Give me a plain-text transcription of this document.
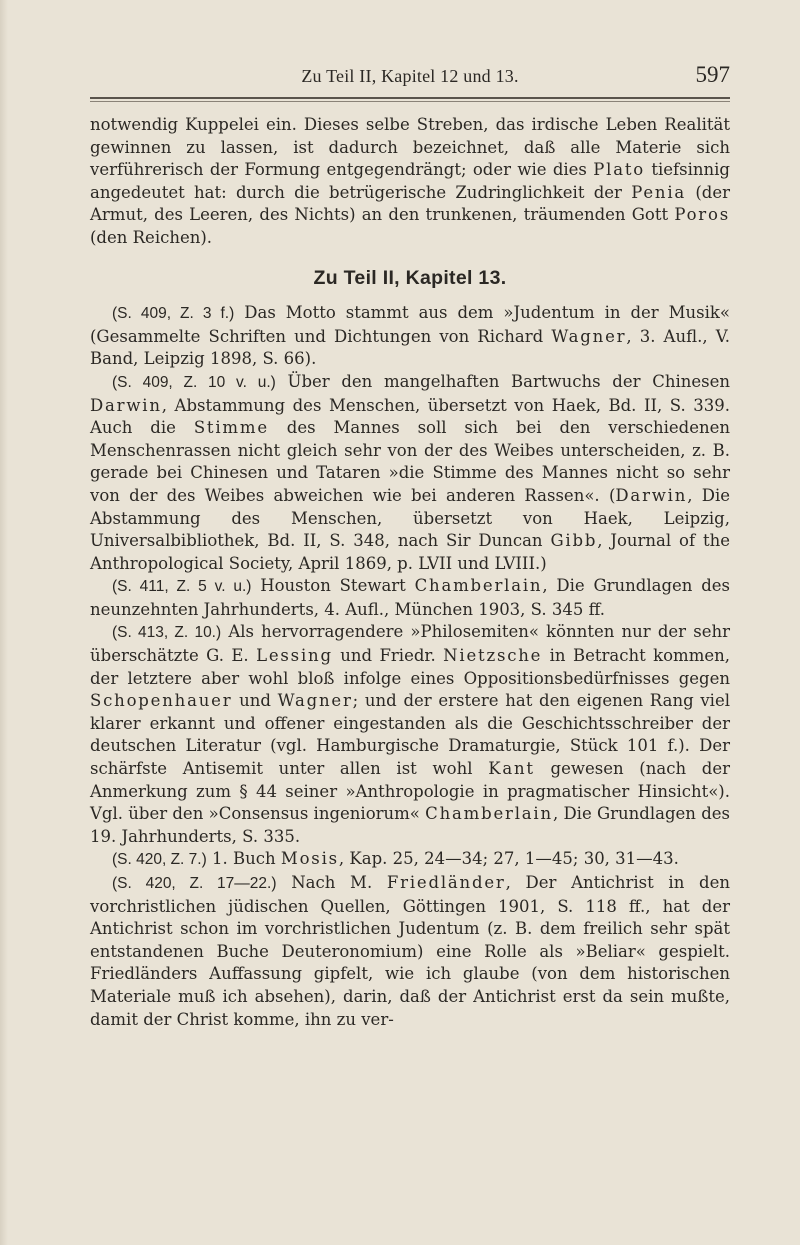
Zu Teil II, Kapitel 12 und 13.	597

notwendig Kuppelei ein. Dieses selbe Streben, das irdische Leben Realität gewinnen zu lassen, ist dadurch bezeichnet, daß alle Materie sich verführerisch der Formung entgegendrängt; oder wie dies Plato tiefsinnig angedeutet hat: durch die betrügerische Zudringlichkeit der Penia (der Armut, des Leeren, des Nichts) an den trunkenen, träumenden Gott Poros (den Reichen).

Zu Teil II, Kapitel 13.

(S. 409, Z. 3 f.) Das Motto stammt aus dem »Judentum in der Musik« (Gesammelte Schriften und Dichtungen von Richard Wagner, 3. Aufl., V. Band, Leipzig 1898, S. 66).

(S. 409, Z. 10 v. u.) Über den mangelhaften Bartwuchs der Chinesen Darwin, Abstammung des Menschen, übersetzt von Haek, Bd. II, S. 339. Auch die Stimme des Mannes soll sich bei den verschiedenen Menschenrassen nicht gleich sehr von der des Weibes unterscheiden, z. B. gerade bei Chinesen und Tataren »die Stimme des Mannes nicht so sehr von der des Weibes abweichen wie bei anderen Rassen«. (Darwin, Die Abstammung des Menschen, übersetzt von Haek, Leipzig, Universalbibliothek, Bd. II, S. 348, nach Sir Duncan Gibb, Journal of the Anthropological Society, April 1869, p. LVII und LVIII.)

(S. 411, Z. 5 v. u.) Houston Stewart Chamberlain, Die Grundlagen des neunzehnten Jahrhunderts, 4. Aufl., München 1903, S. 345 ff.

(S. 413, Z. 10.) Als hervorragendere »Philosemiten« könnten nur der sehr überschätzte G. E. Lessing und Friedr. Nietzsche in Betracht kommen, der letztere aber wohl bloß infolge eines Oppositionsbedürfnisses gegen Schopenhauer und Wagner; und der erstere hat den eigenen Rang viel klarer erkannt und offener eingestanden als die Geschichtsschreiber der deutschen Literatur (vgl. Hamburgische Dramaturgie, Stück 101 f.). Der schärfste Antisemit unter allen ist wohl Kant gewesen (nach der Anmerkung zum § 44 seiner »Anthropologie in pragmatischer Hinsicht«). Vgl. über den »Consensus ingeniorum« Chamberlain, Die Grundlagen des 19. Jahrhunderts, S. 335.

(S. 420, Z. 7.) 1. Buch Mosis, Kap. 25, 24—34; 27, 1—45; 30, 31—43.

(S. 420, Z. 17—22.) Nach M. Friedländer, Der Antichrist in den vorchristlichen jüdischen Quellen, Göttingen 1901, S. 118 ff., hat der Antichrist schon im vorchristlichen Judentum (z. B. dem freilich sehr spät entstandenen Buche Deuteronomium) eine Rolle als »Beliar« gespielt. Friedländers Auffassung gipfelt, wie ich glaube (von dem historischen Materiale muß ich absehen), darin, daß der Antichrist erst da sein mußte, damit der Christ komme, ihn zu ver-
